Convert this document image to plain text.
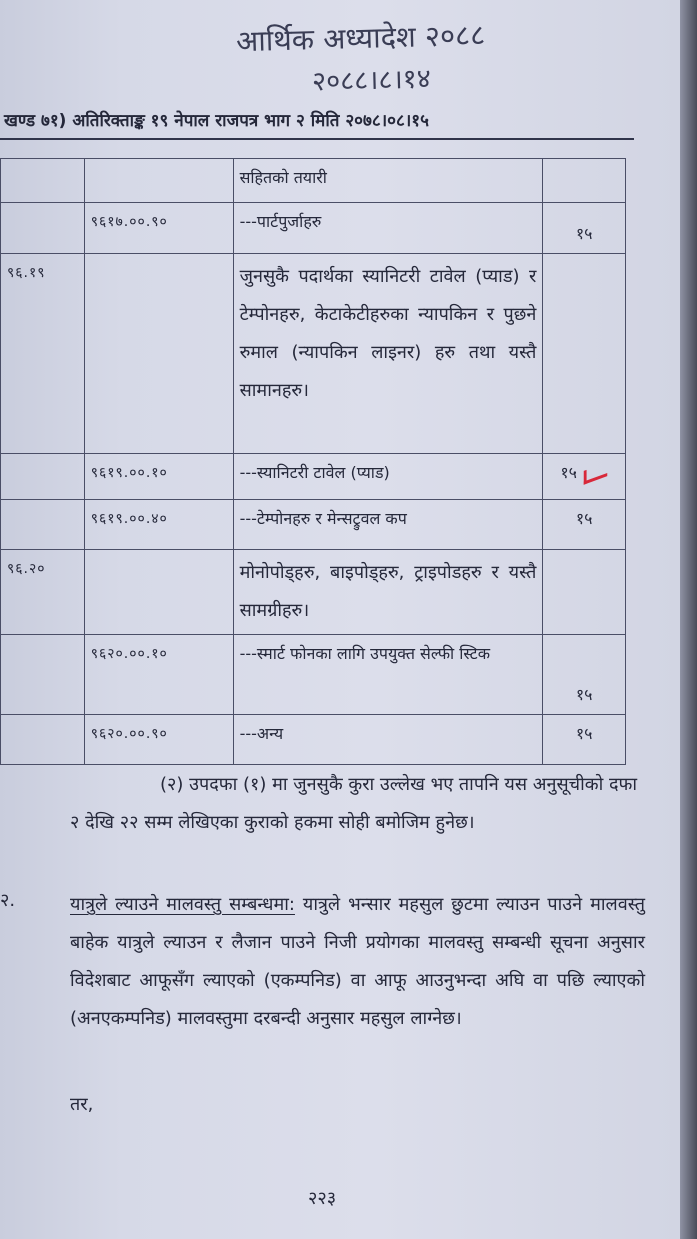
आर्थिक अध्यादेश २०८८
२०८८।८।१४
खण्ड ७१) अतिरिक्ताङ्क १९ नेपाल राजपत्र भाग २ मिति २०७८।०८।१५
		सहितको तयारी	
	९६१७.००.९०	---पार्टपुर्जाहरु	१५
९६.१९		जुनसुकै पदार्थका स्यानिटरी टावेल (प्याड) र टेम्पोनहरु, केटाकेटीहरुका न्यापकिन र पुछने रुमाल (न्यापकिन लाइनर) हरु तथा यस्तै सामानहरु।	
	९६१९.००.१०	---स्यानिटरी टावेल (प्याड)	१५
	९६१९.००.४०	---टेम्पोनहरु र मेन्सट्रुवल कप	१५
९६.२०		मोनोपोड्हरु, बाइपोड्हरु, ट्राइपोडहरु र यस्तै सामग्रीहरु।	
	९६२०.००.१०	---स्मार्ट फोनका लागि उपयुक्त सेल्फी स्टिक	१५
	९६२०.००.९०	---अन्य	१५
(२) उपदफा (१) मा जुनसुकै कुरा उल्लेख भए तापनि यस अनुसूचीको दफा २ देखि २२ सम्म लेखिएका कुराको हकमा सोही बमोजिम हुनेछ।
२.	यात्रुले ल्याउने मालवस्तु सम्बन्धमा: यात्रुले भन्सार महसुल छुटमा ल्याउन पाउने मालवस्तु बाहेक यात्रुले ल्याउन र लैजान पाउने निजी प्रयोगका मालवस्तु सम्बन्धी सूचना अनुसार विदेशबाट आफूसँग ल्याएको (एकम्पनिड) वा आफू आउनुभन्दा अघि वा पछि ल्याएको (अनएकम्पनिड) मालवस्तुमा दरबन्दी अनुसार महसुल लाग्नेछ।
तर,
२२३
